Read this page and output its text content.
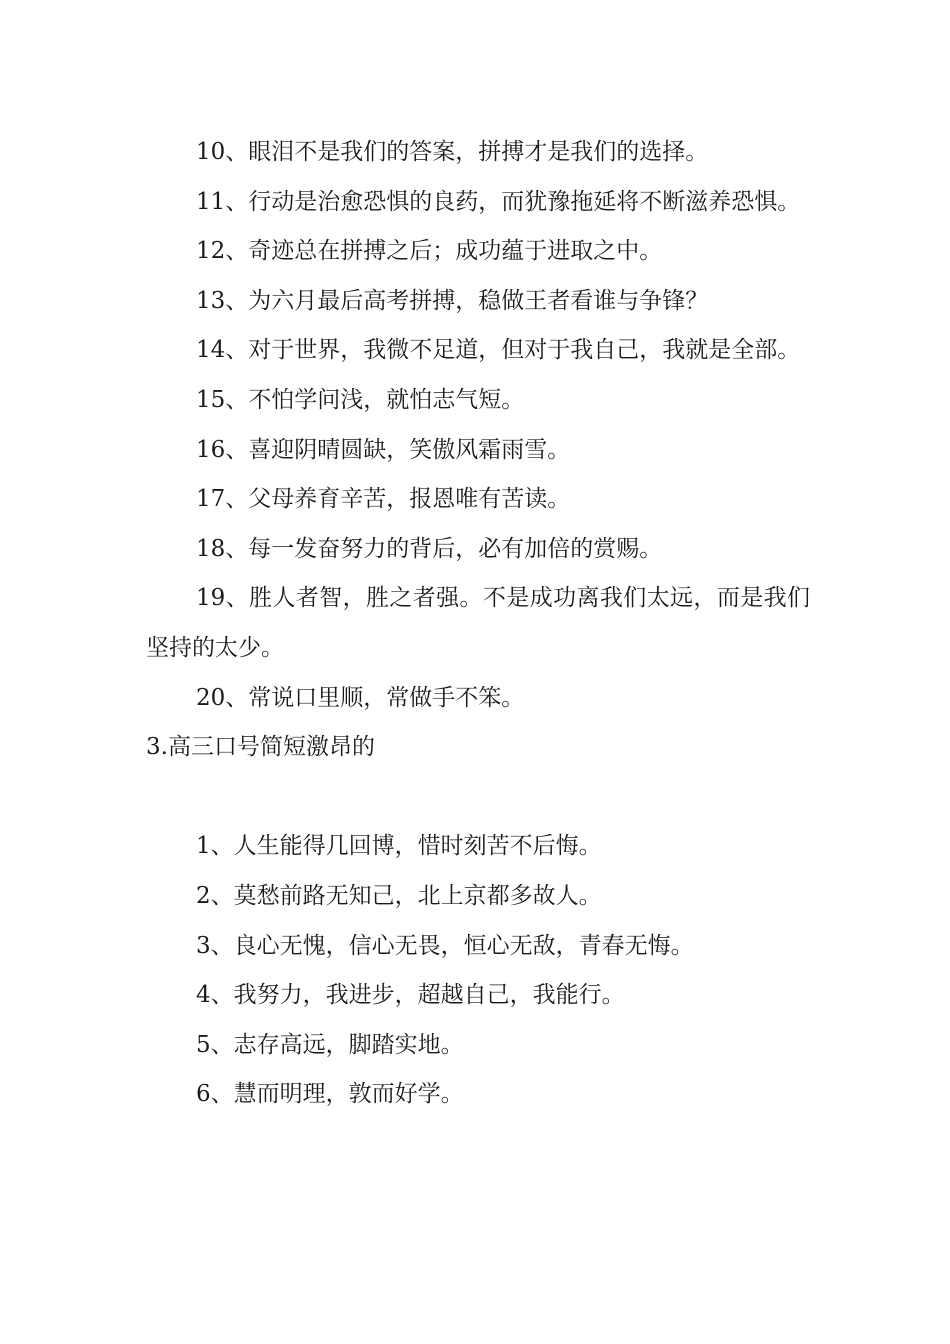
10、眼泪不是我们的答案，拼搏才是我们的选择。

11、行动是治愈恐惧的良药，而犹豫拖延将不断滋养恐惧。

12、奇迹总在拼搏之后；成功蕴于进取之中。

13、为六月最后高考拼搏，稳做王者看谁与争锋？

14、对于世界，我微不足道，但对于我自己，我就是全部。

15、不怕学问浅，就怕志气短。

16、喜迎阴晴圆缺，笑傲风霜雨雪。

17、父母养育辛苦，报恩唯有苦读。

18、每一发奋努力的背后，必有加倍的赏赐。

19、胜人者智，胜之者强。不是成功离我们太远，而是我们坚持的太少。

20、常说口里顺，常做手不笨。

3.高三口号简短激昂的

1、人生能得几回博，惜时刻苦不后悔。

2、莫愁前路无知己，北上京都多故人。

3、良心无愧，信心无畏，恒心无敌，青春无悔。

4、我努力，我进步，超越自己，我能行。

5、志存高远，脚踏实地。

6、慧而明理，敦而好学。
